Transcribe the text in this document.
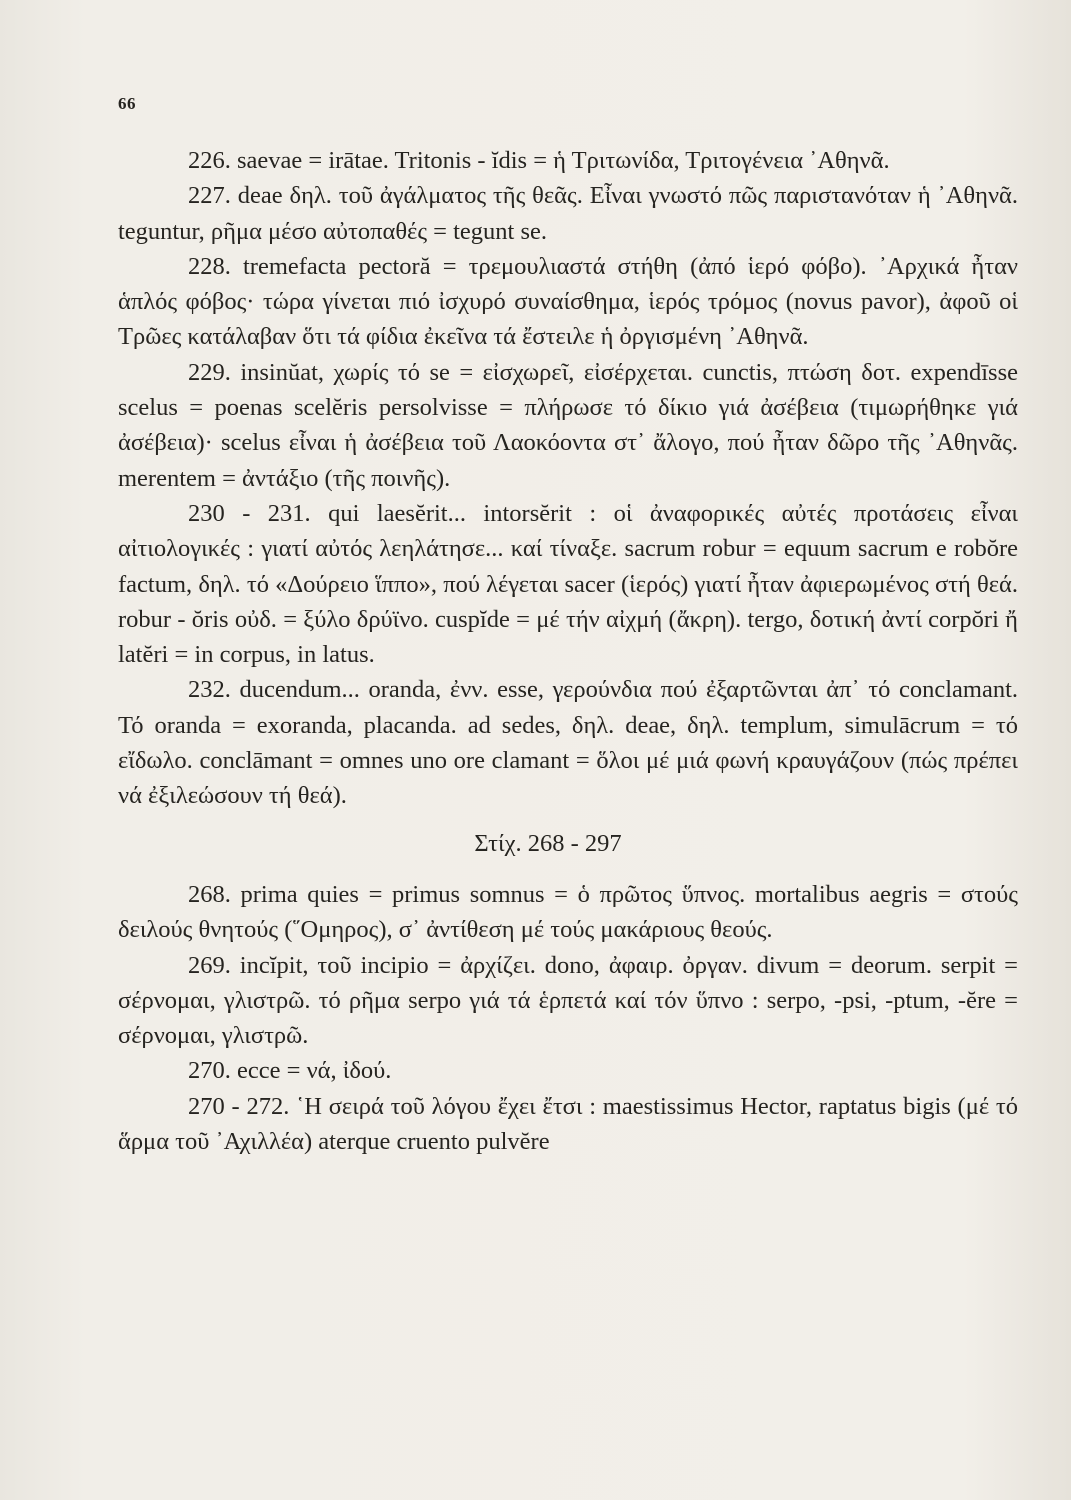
66

226. saevae = irātae. Tritonis - ĭdis = ἡ Τριτωνίδα, Τριτογένεια ᾿Αθηνᾶ.

227. deae δηλ. τοῦ ἀγάλματος τῆς θεᾶς. Εἶναι γνωστό πῶς παριστανόταν ἡ ᾿Αθηνᾶ. teguntur, ρῆμα μέσο αὐτοπαθές = tegunt se.

228. tremefacta pectoră = τρεμουλιαστά στήθη (ἀπό ἱερό φόβο). ᾿Αρχικά ἦταν ἁπλός φόβος· τώρα γίνεται πιό ἰσχυρό συναίσθημα, ἱερός τρόμος (novus pavor), ἀφοῦ οἱ Τρῶες κατάλαβαν ὅτι τά φίδια ἐκεῖνα τά ἔστειλε ἡ ὀργισμένη ᾿Αθηνᾶ.

229. insinŭat, χωρίς τό se = εἰσχωρεῖ, εἰσέρχεται. cunctis, πτώση δοτ. expendīsse scelus = poenas scelĕris persolvisse = πλήρωσε τό δίκιο γιά ἀσέβεια (τιμωρήθηκε γιά ἀσέβεια)· scelus εἶναι ἡ ἀσέβεια τοῦ Λαοκόοντα στ᾿ ἄλογο, πού ἦταν δῶρο τῆς ᾿Αθηνᾶς. merentem = ἀντάξιο (τῆς ποινῆς).

230 - 231. qui laesĕrit... intorsĕrit : οἱ ἀναφορικές αὐτές προτάσεις εἶναι αἰτιολογικές : γιατί αὐτός λεηλάτησε... καί τίναξε. sacrum robur = equum sacrum e robŏre factum, δηλ. τό «Δούρειο ἵππο», πού λέγεται sacer (ἱερός) γιατί ἦταν ἀφιερωμένος στή θεά. robur - ŏris οὐδ. = ξύλο δρύϊνο. cuspĭde = μέ τήν αἰχμή (ἄκρη). tergo, δοτική ἀντί corpŏri ἤ latĕri = in corpus, in latus.

232. ducendum... oranda, ἐνν. esse, γερούνδια πού ἐξαρτῶνται ἀπ᾿ τό conclamant. Τό oranda = exoranda, placanda. ad sedes, δηλ. deae, δηλ. templum, simulācrum = τό εἴδωλο. conclāmant = omnes uno ore clamant = ὅλοι μέ μιά φωνή κραυγάζουν (πώς πρέπει νά ἐξιλεώσουν τή θεά).

Στίχ. 268 - 297

268. prima quies = primus somnus = ὁ πρῶτος ὕπνος. mortalibus aegris = στούς δειλούς θνητούς (῞Ομηρος), σ᾿ ἀντίθεση μέ τούς μακάριους θεούς.

269. incĭpit, τοῦ incipio = ἀρχίζει. dono, ἀφαιρ. ὀργαν. divum = deorum. serpit = σέρνομαι, γλιστρῶ. τό ρῆμα serpo γιά τά ἑρπετά καί τόν ὕπνο : serpo, -psi, -ptum, -ĕre = σέρνομαι, γλιστρῶ.

270. ecce = νά, ἰδού.

270 - 272. ῾Η σειρά τοῦ λόγου ἔχει ἔτσι : maestissimus Hector, raptatus bigis (μέ τό ἅρμα τοῦ ᾿Αχιλλέα) aterque cruento pulvĕre
